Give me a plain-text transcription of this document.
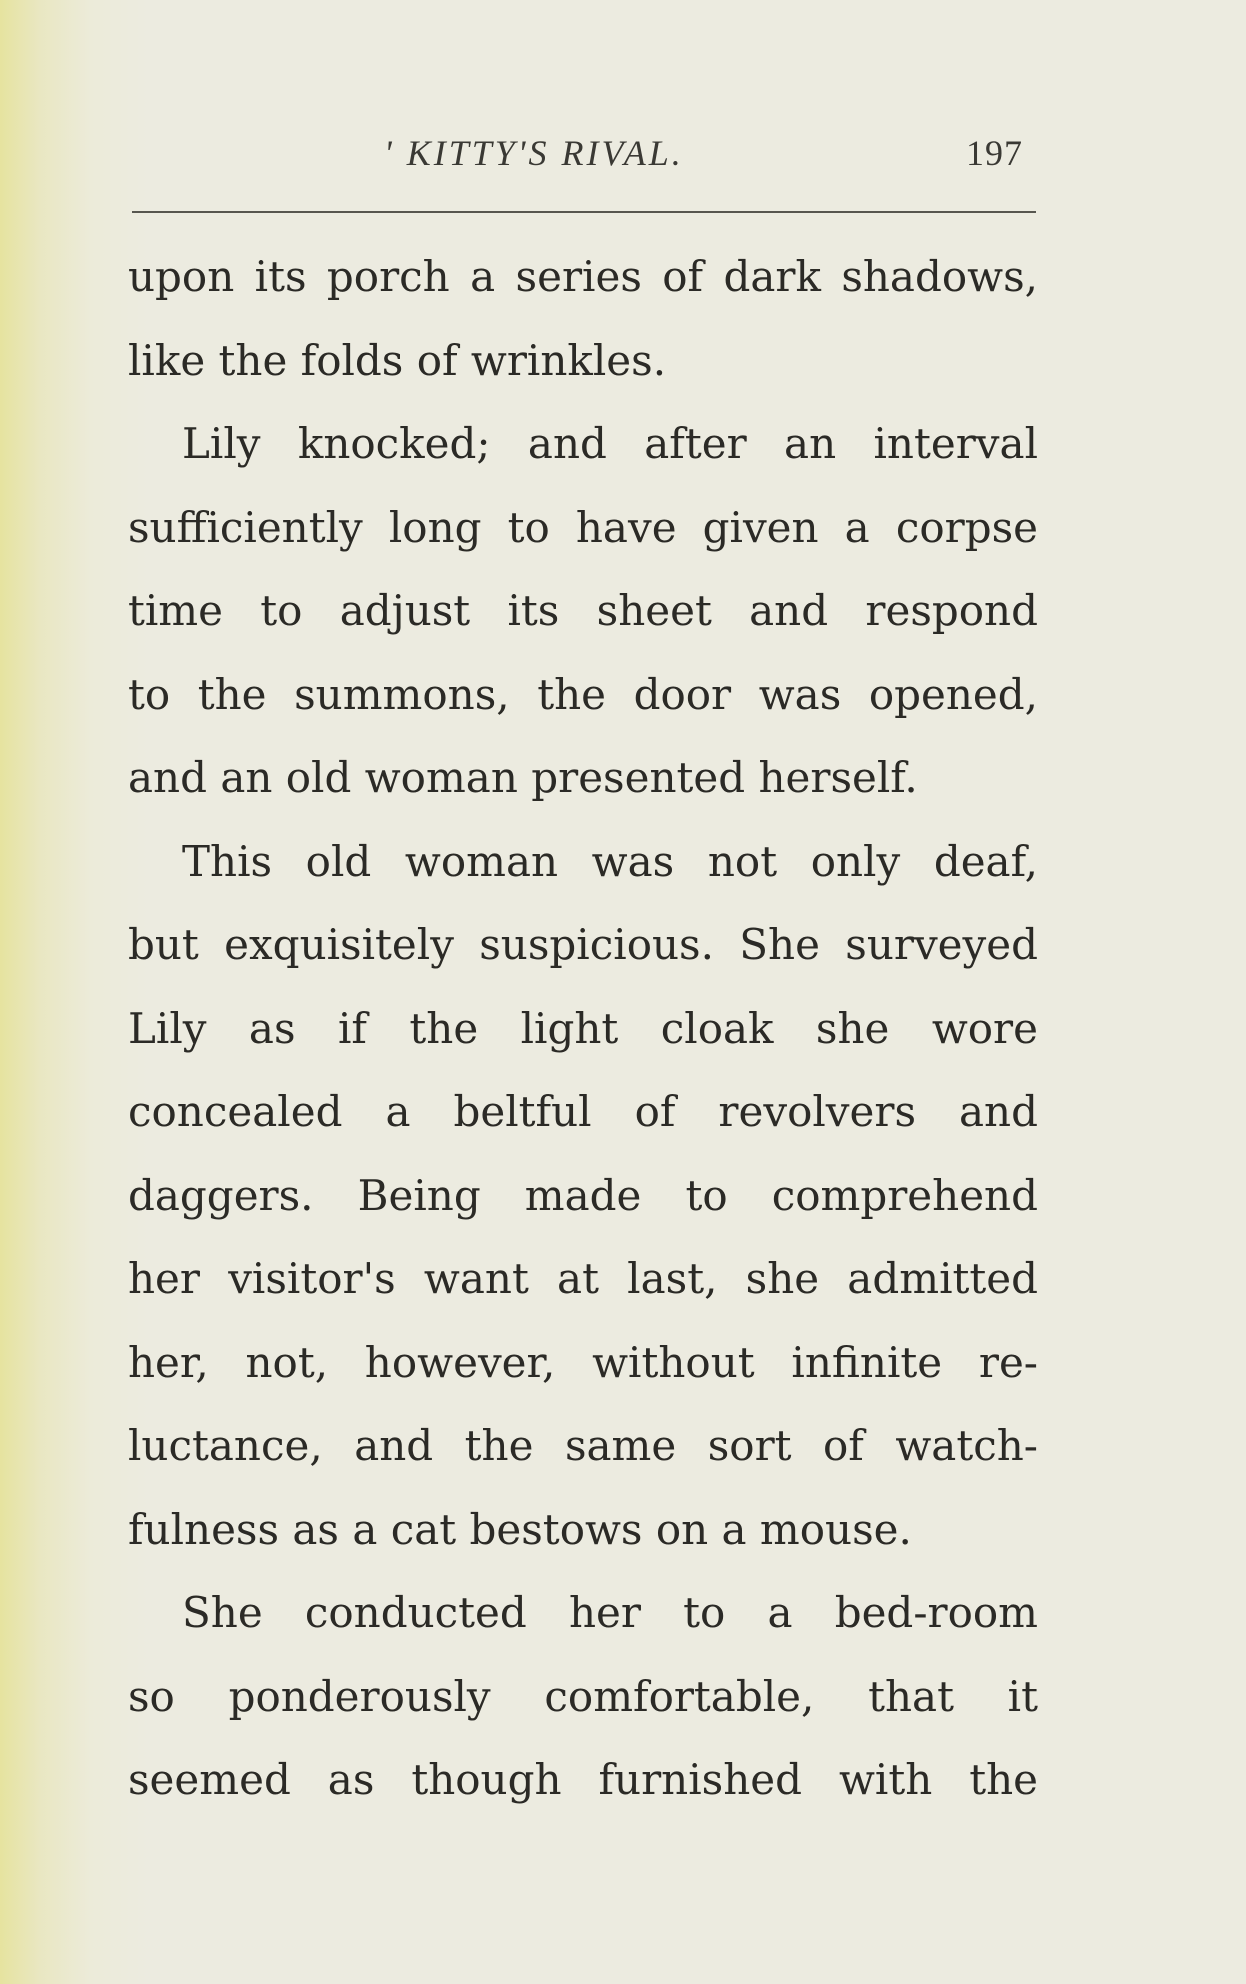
' KITTY'S RIVAL.	197
upon its porch a series of dark shadows,
like the folds of wrinkles.
Lily knocked; and after an interval
sufficiently long to have given a corpse
time to adjust its sheet and respond
to the summons, the door was opened,
and an old woman presented herself.
This old woman was not only deaf,
but exquisitely suspicious. She surveyed
Lily as if the light cloak she wore
concealed a beltful of revolvers and
daggers. Being made to comprehend
her visitor's want at last, she admitted
her, not, however, without infinite re-
luctance, and the same sort of watch-
fulness as a cat bestows on a mouse.
She conducted her to a bed-room
so ponderously comfortable, that it
seemed as though furnished with the
